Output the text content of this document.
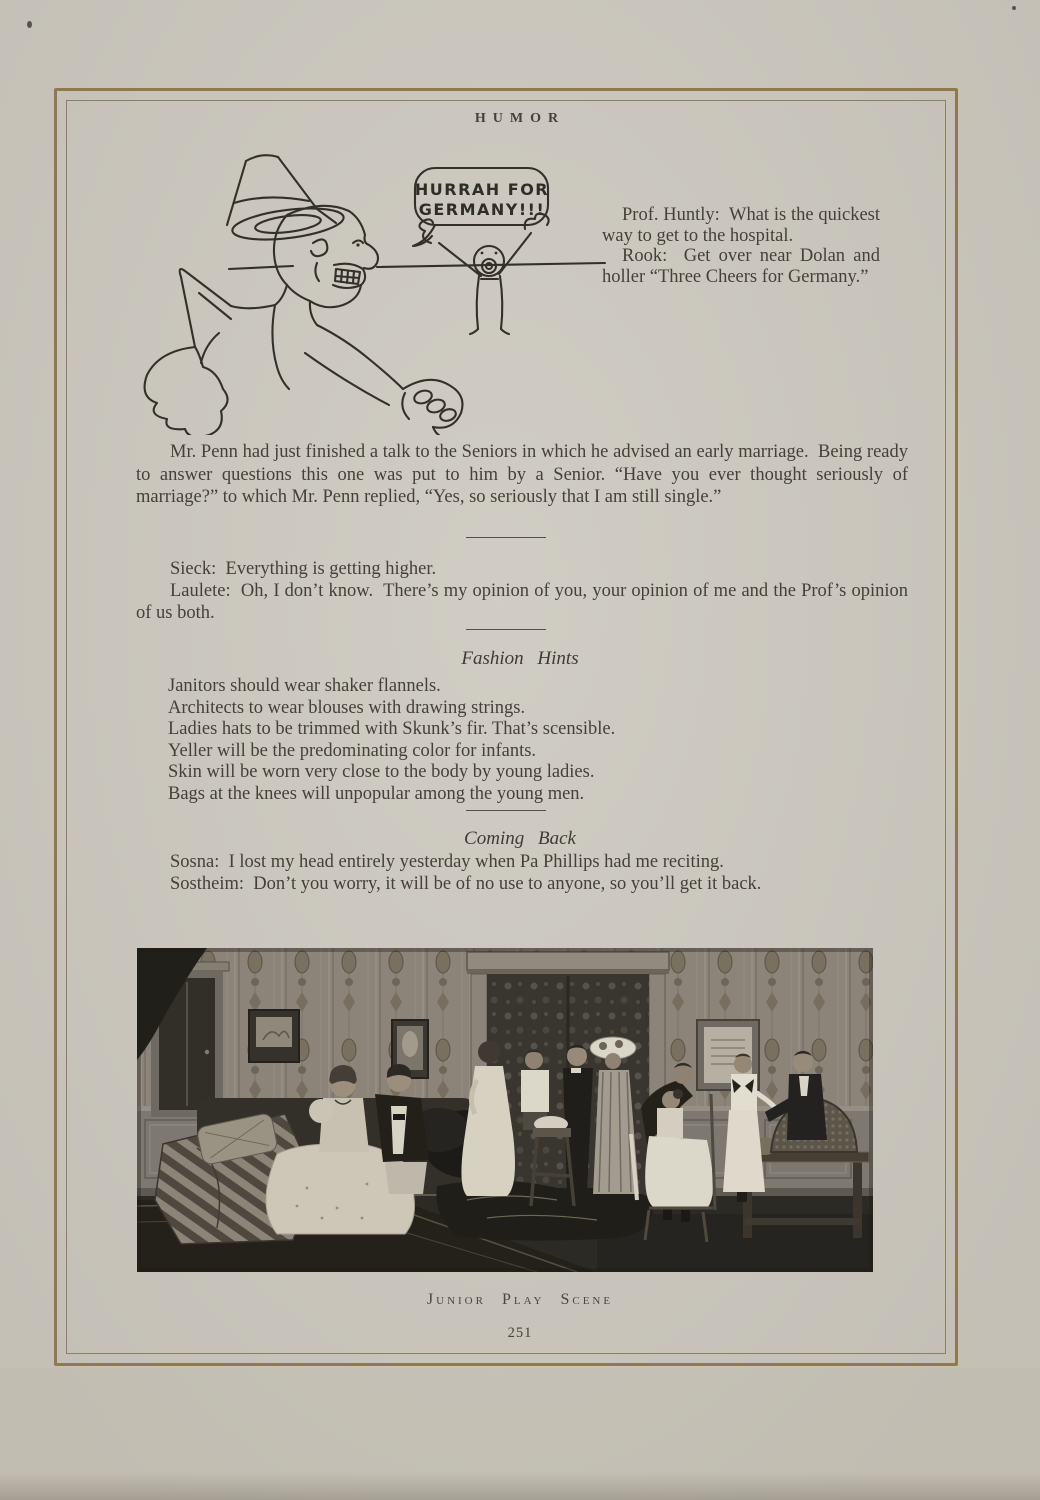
HUMOR
HURRAH FOR
GERMANY!!!	Prof. Huntly:  What is the quickest way to get to the hospital.

Rook:  Get over near Dolan and holler “Three Cheers for Germany.”

Mr. Penn had just finished a talk to the Seniors in which he advised an early marriage.  Being ready to answer questions this one was put to him by a Senior. “Have you ever thought seriously of marriage?” to which Mr. Penn replied, “Yes, so seriously that I am still single.”

Sieck:  Everything is getting higher.

Laulete:  Oh, I don’t know.  There’s my opinion of you, your opinion of me and the Prof’s opinion of us both.

Fashion Hints
Janitors should wear shaker flannels.
Architects to wear blouses with drawing strings.
Ladies hats to be trimmed with Skunk’s fir. That’s scensible.
Yeller will be the predominating color for infants.
Skin will be worn very close to the body by young ladies.
Bags at the knees will unpopular among the young men.
Coming Back

Sosna:  I lost my head entirely yesterday when Pa Phillips had me reciting.

Sostheim:  Don’t you worry, it will be of no use to anyone, so you’ll get it back.

Junior Play Scene
251
